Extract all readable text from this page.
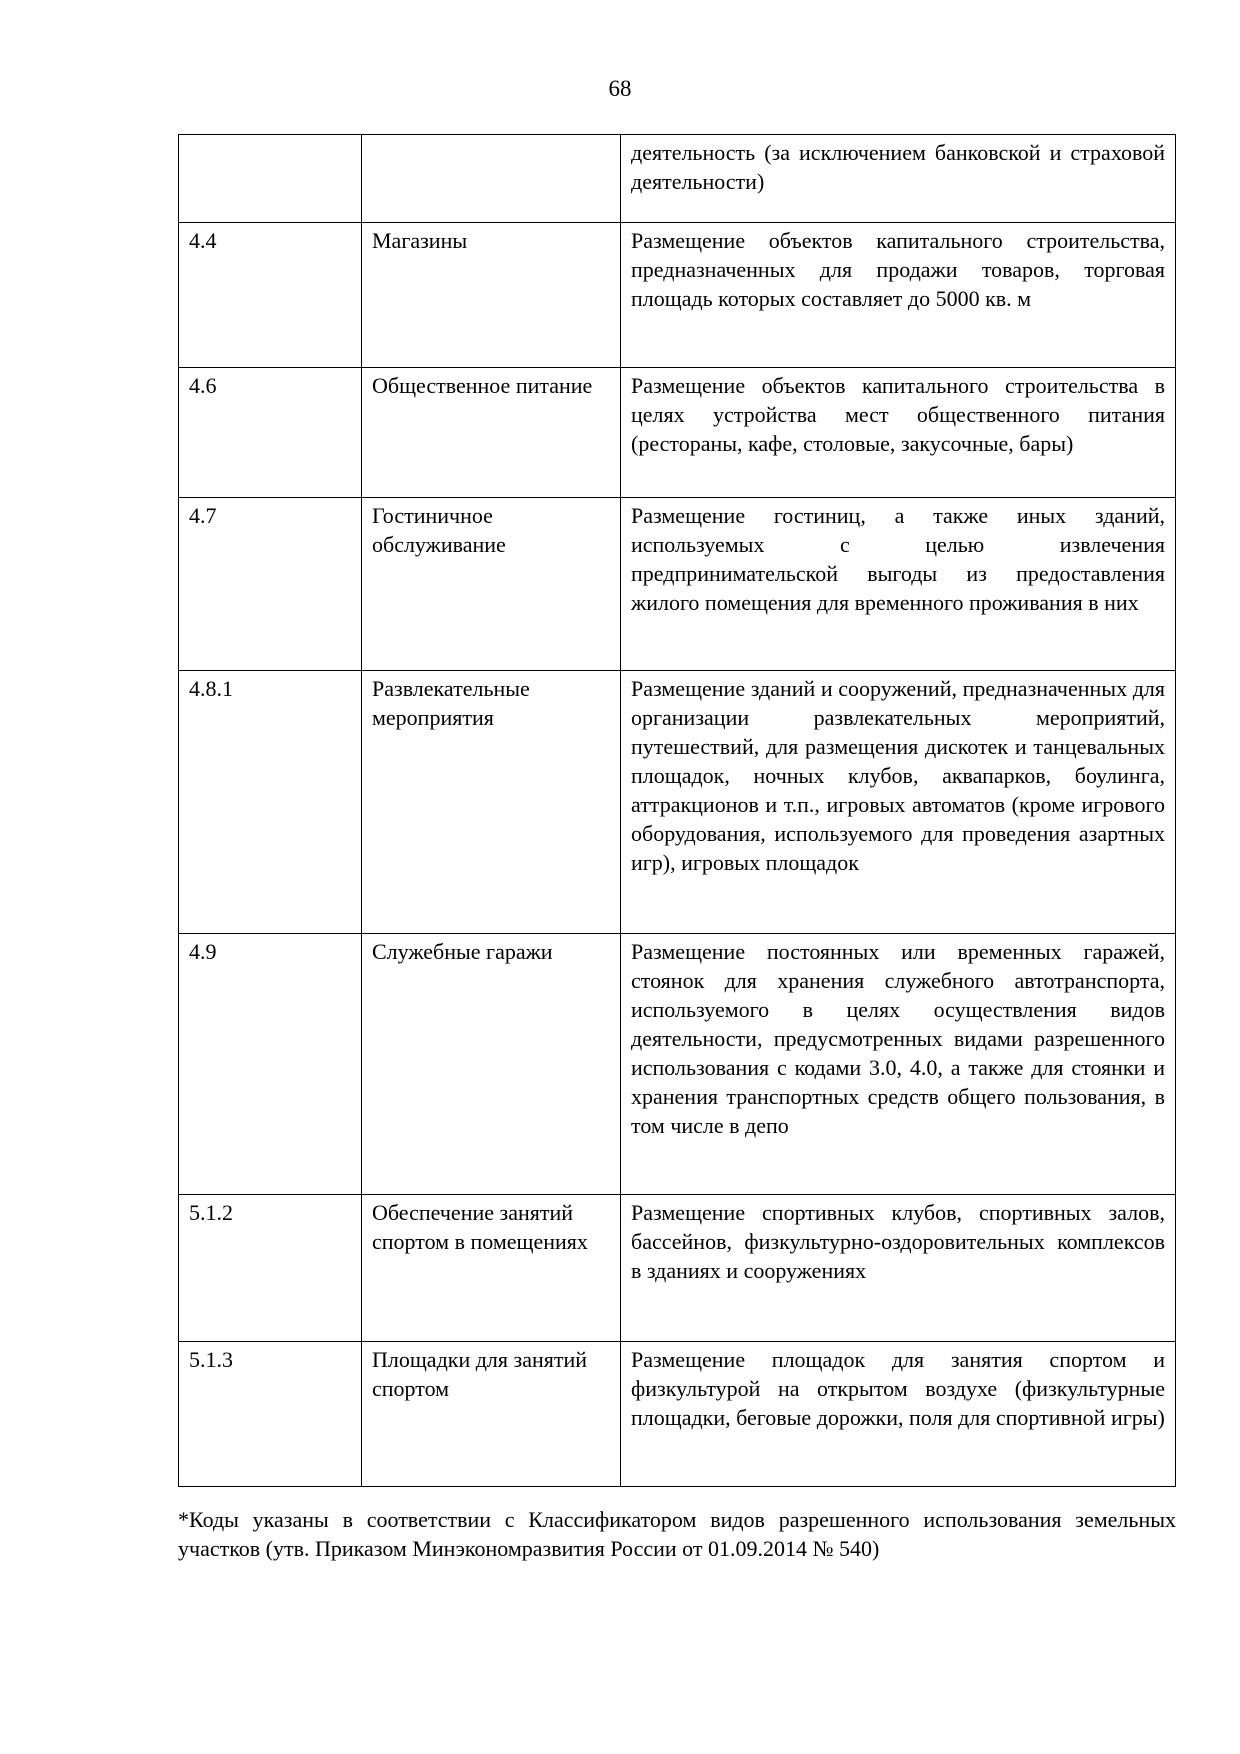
68
		деятельность (за исключением банковской и страховой деятельности)
4.4	Магазины	Размещение объектов капитального строительства, предназначенных для продажи товаров, торговая площадь которых составляет до 5000 кв. м
4.6	Общественное питание	Размещение объектов капитального строительства в целях устройства мест общественного питания (рестораны, кафе, столовые, закусочные, бары)
4.7	Гостиничное обслуживание	Размещение гостиниц, а также иных зданий, используемых с целью извлечения предпринимательской выгоды из предоставления жилого помещения для временного проживания в них
4.8.1	Развлекательные мероприятия	Размещение зданий и сооружений, предназначенных для организации развлекательных мероприятий, путешествий, для размещения дискотек и танцевальных площадок, ночных клубов, аквапарков, боулинга, аттракционов и т.п., игровых автоматов (кроме игрового оборудования, используемого для проведения азартных игр), игровых площадок
4.9	Служебные гаражи	Размещение постоянных или временных гаражей, стоянок для хранения служебного автотранспорта, используемого в целях осуществления видов деятельности, предусмотренных видами разрешенного использования с кодами 3.0, 4.0, а также для стоянки и хранения транспортных средств общего пользования, в том числе в депо
5.1.2	Обеспечение занятий спортом в помещениях	Размещение спортивных клубов, спортивных залов, бассейнов, физкультурно-оздоровительных комплексов в зданиях и сооружениях
5.1.3	Площадки для занятий спортом	Размещение площадок для занятия спортом и физкультурой на открытом воздухе (физкультурные площадки, беговые дорожки, поля для спортивной игры)
*Коды указаны в соответствии с Классификатором видов разрешенного использования земельных участков (утв. Приказом Минэкономразвития России от 01.09.2014 № 540)
